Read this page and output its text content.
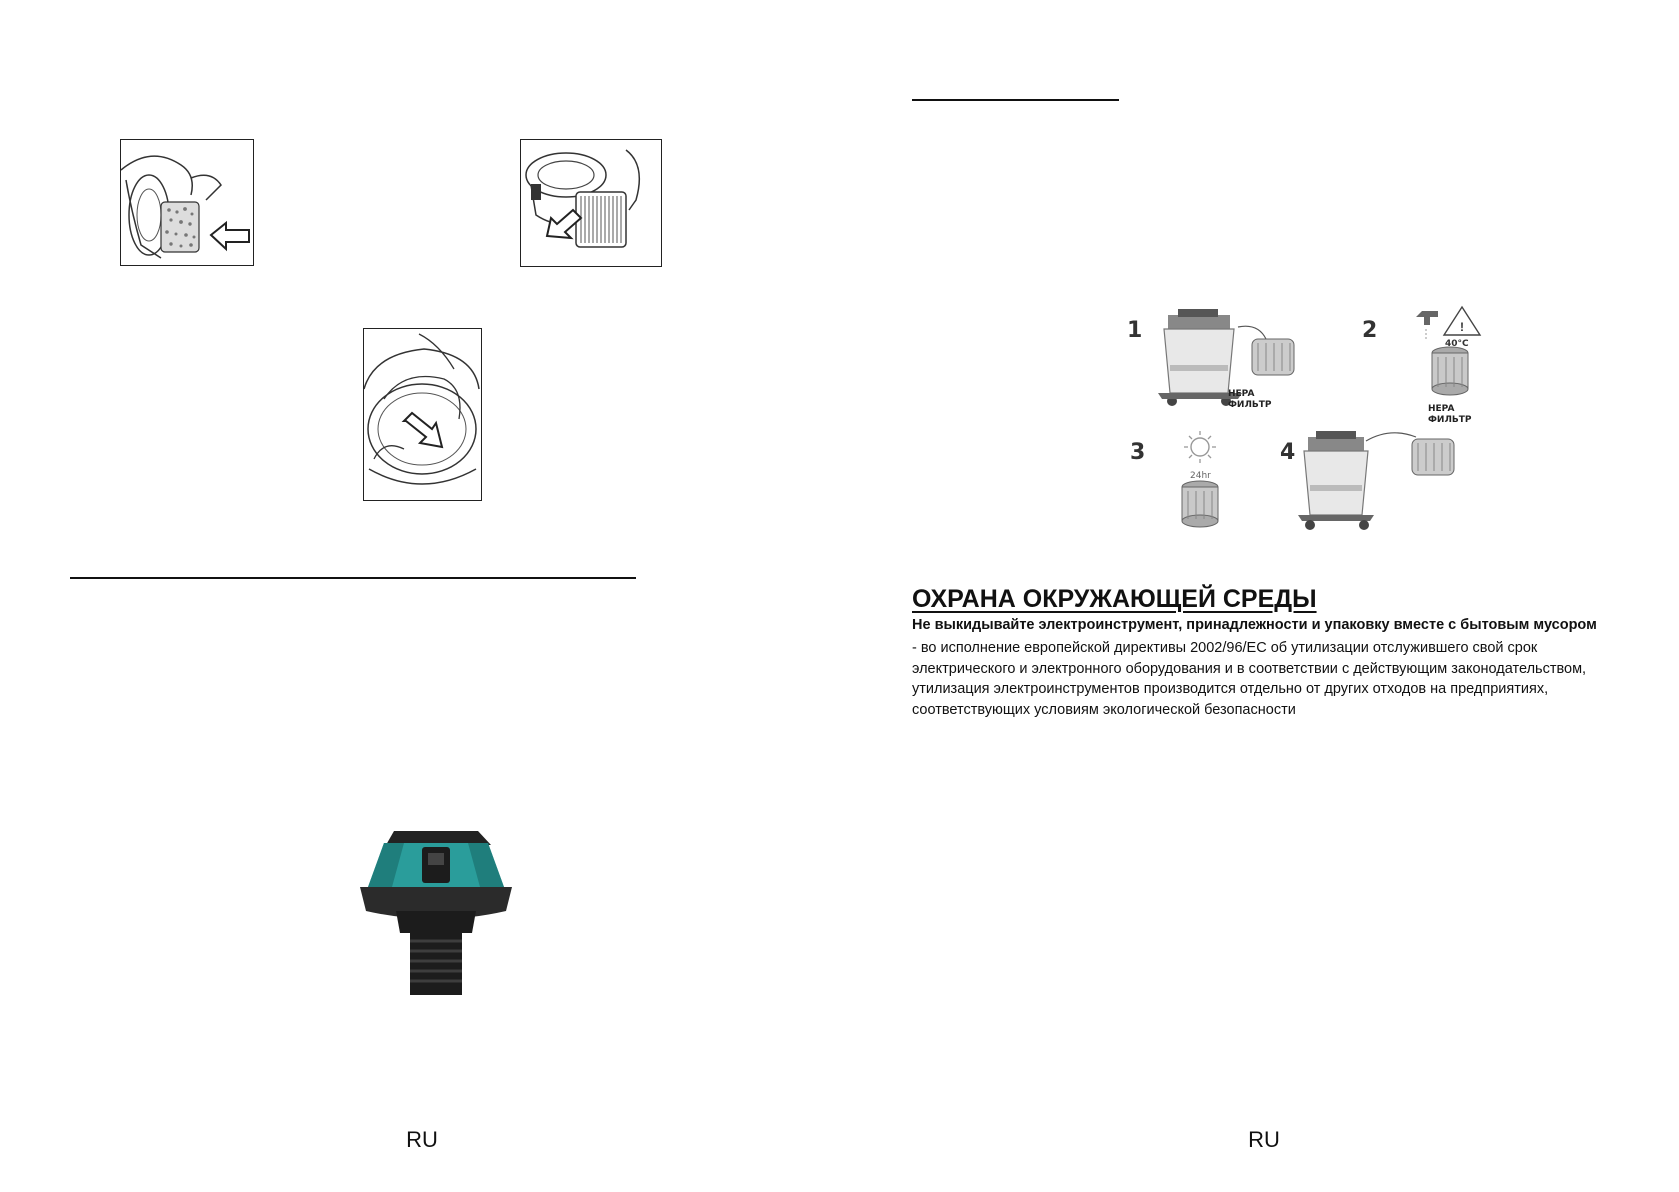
RU
!
1	2
3	4
HEPA
ФИЛЬТР	HEPA
ФИЛЬТР
40°C
24hr
RU
ОХРАНА ОКРУЖАЮЩЕЙ СРЕДЫ
Не выкидывайте электроинструмент, принадлежности и упаковку вместе с бытовым мусором
- во исполнение европейской директивы 2002/96/ЕС об утилизации отслужившего свой срок
электрического и электронного оборудования и в соответствии с действующим законодательством,
утилизация электроинструментов производится отдельно от других отходов на предприятиях,
соответствующих условиям экологической безопасности
